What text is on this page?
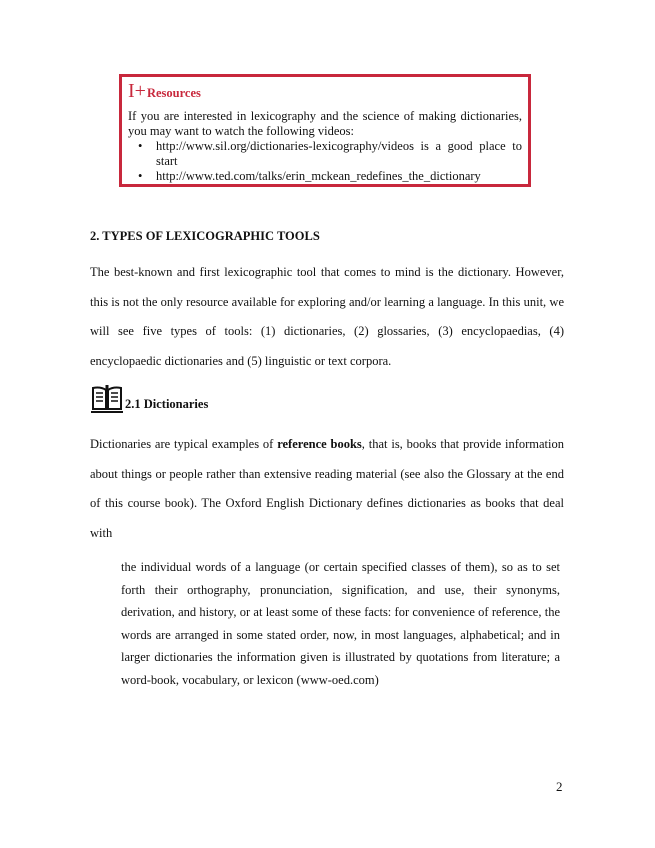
I+ Resources

If you are interested in lexicography and the science of making dictionaries, you may want to watch the following videos:

• http://www.sil.org/dictionaries-lexicography/videos is a good place to start
• http://www.ted.com/talks/erin_mckean_redefines_the_dictionary
2. TYPES OF LEXICOGRAPHIC TOOLS
The best-known and first lexicographic tool that comes to mind is the dictionary. However, this is not the only resource available for exploring and/or learning a language. In this unit, we will see five types of tools: (1) dictionaries, (2) glossaries, (3) encyclopaedias, (4) encyclopaedic dictionaries and (5) linguistic or text corpora.
2.1 Dictionaries
Dictionaries are typical examples of reference books, that is, books that provide information about things or people rather than extensive reading material (see also the Glossary at the end of this course book). The Oxford English Dictionary defines dictionaries as books that deal with
the individual words of a language (or certain specified classes of them), so as to set forth their orthography, pronunciation, signification, and use, their synonyms, derivation, and history, or at least some of these facts: for convenience of reference, the words are arranged in some stated order, now, in most languages, alphabetical; and in larger dictionaries the information given is illustrated by quotations from literature; a word-book, vocabulary, or lexicon (www-oed.com)
2
